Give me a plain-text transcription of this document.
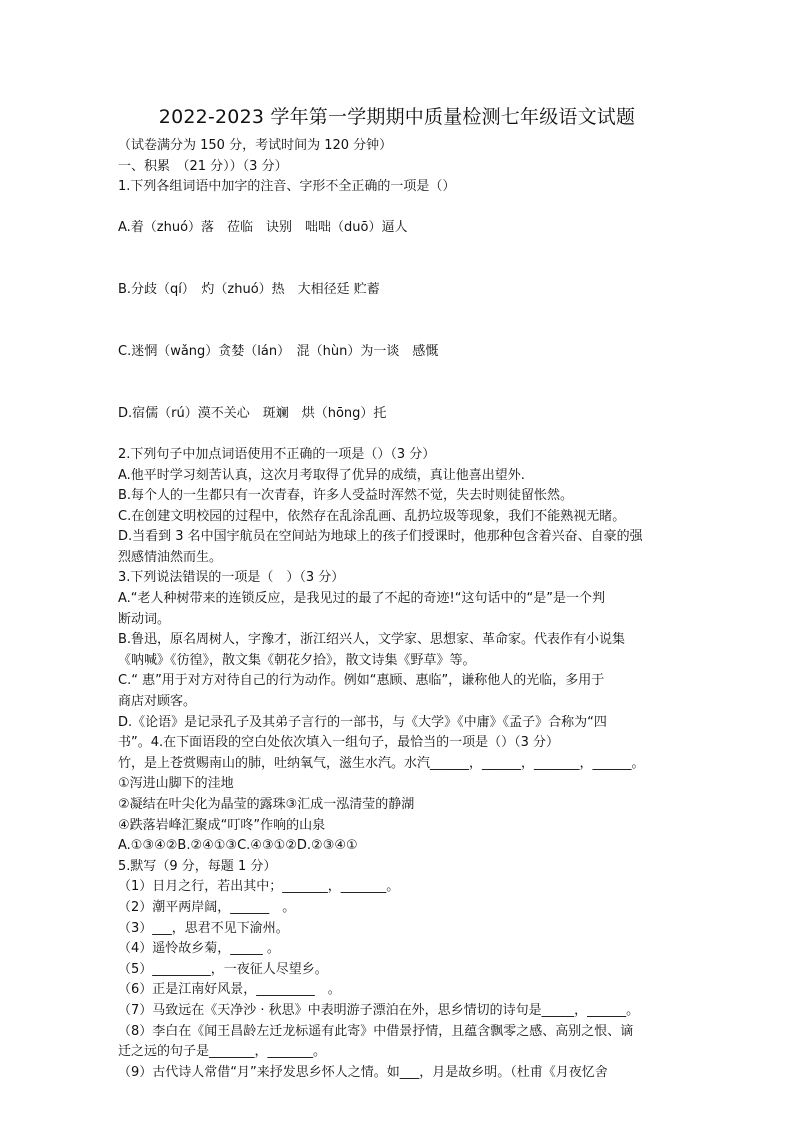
2022-2023 学年第一学期期中质量检测七年级语文试题
（试卷满分为 150 分，考试时间为 120 分钟）
一、积累　（21 分））（3 分）
1.下列各组词语中加字的注音、字形不全正确的一项是（）
A.着（zhuó）落　莅临　诀别　咄咄（duō）逼人
B.分歧（qí）　灼（zhuó）热　大相径廷 贮蓄
C.迷惘（wǎng）贪婪（lán）　混（hùn）为一谈　感慨
D.宿儒（rú）漠不关心　斑斓　烘（hōng）托
2.下列句子中加点词语使用不正确的一项是（）（3 分）
A.他平时学习刻苦认真，这次月考取得了优异的成绩，真让他喜出望外.
B.每个人的一生都只有一次青春，许多人受益时浑然不觉，失去时则徒留怅然。
C.在创建文明校园的过程中，依然存在乱涂乱画、乱扔垃圾等现象，我们不能熟视无睹。
D.当看到 3 名中国宇航员在空间站为地球上的孩子们授课时，他那种包含着兴奋、自豪的强
烈感情油然而生。
3.下列说法错误的一项是（　）（3 分）
A.“老人种树带来的连锁反应，是我见过的最了不起的奇迹!“这句话中的“是”是一个判
断动词。
B.鲁迅，原名周树人，字豫才，浙江绍兴人，文学家、思想家、革命家。代表作有小说集
《呐喊》《彷徨》，散文集《朝花夕拾》，散文诗集《野草》等。
C.“ 惠”用于对方对待自己的行为动作。例如“惠顾、惠临”，谦称他人的光临，多用于
商店对顾客。
D.《论语》是记录孔子及其弟子言行的一部书，与《大学》《中庸》《孟子》合称为“四
书”。4.在下面语段的空白处依次填入一组句子，最恰当的一项是（）（3 分）
竹，是上苍赏赐南山的肺，吐纳氧气，滋生水汽。水汽______，______，_______，______。
①泻进山脚下的洼地
②凝结在叶尖化为晶莹的露珠③汇成一泓清莹的静湖
④跌落岩峰汇聚成“叮咚”作响的山泉
A.①③④②B.②④①③C.④③①②D.②③④①
5.默写（9 分，每题 1 分）
（1）日月之行，若出其中；_______，_______。
（2）潮平两岸阔，______　。
（3）___，思君不见下渝州。
（4）遥怜故乡菊，_____ 。
（5）_________，一夜征人尽望乡。
（6）正是江南好风景，_________　。
（7）马致远在《天净沙 · 秋思》中表明游子漂泊在外，思乡情切的诗句是_____，______。
（8）李白在《闻王昌龄左迁龙标遥有此寄》中借景抒情，且蕴含飘零之感、高别之恨、谪
迁之远的句子是_______，_______。
（9）古代诗人常借“月”来抒发思乡怀人之情。如___，月是故乡明。（杜甫《月夜忆舍
